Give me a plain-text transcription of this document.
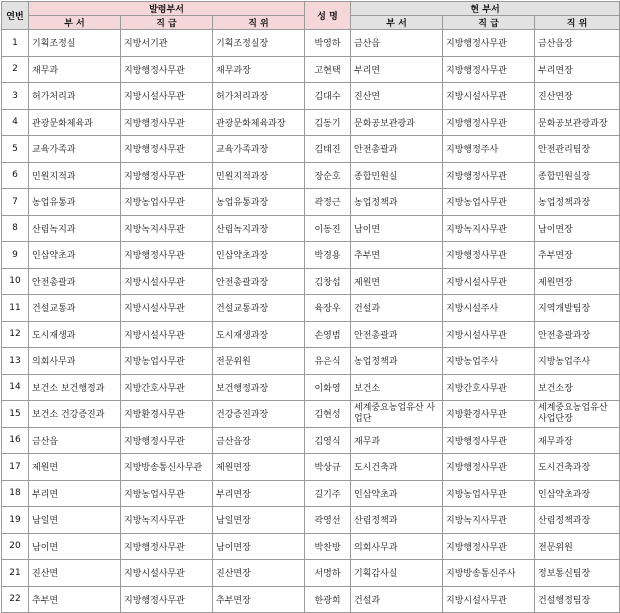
연번	발령부서			성 명	현 부서		
	부 서	직 급	직 위		부 서	직 급	직 위
1	기획조정실	지방서기관	기획조정실장	박영하	금산읍	지방행정사무관	금산읍장
2	재무과	지방행정사무관	재무과장	고현택	부리면	지방행정사무관	부리면장
3	허가처리과	지방시설사무관	허가처리과장	김대수	진산면	지방시설사무관	진산면장
4	관광문화체육과	지방행정사무관	관광문화체육과장	김동기	문화공보관광과	지방행정사무관	문화공보관광과장
5	교육가족과	지방행정사무관	교육가족과장	김태진	안전총괄과	지방행정주사	안전관리팀장
6	민원지적과	지방행정사무관	민원지적과장	장순호	종합민원실	지방행정사무관	종합민원실장
7	농업유통과	지방농업사무관	농업유통과장	곽정근	농업정책과	지방농업사무관	농업정책과장
8	산림녹지과	지방녹지사무관	산림녹지과장	이동진	남이면	지방녹지사무관	남이면장
9	인삼약초과	지방행정사무관	인삼약초과장	박경용	추부면	지방행정사무관	추부면장
10	안전총괄과	지방시설사무관	안전총괄과장	김창섭	제원면	지방시설사무관	제원면장
11	건설교통과	지방시설사무관	건설교통과장	육장우	건설과	지방시설주사	지역개발팀장
12	도시재생과	지방시설사무관	도시재생과장	손영범	안전총괄과	지방시설사무관	안전총괄과장
13	의회사무과	지방농업사무관	전문위원	유은식	농업정책과	지방농업주사	지방농업주사
14	보건소 보건행정과	지방간호사무관	보건행정과장	이화영	보건소	지방간호사무관	보건소장
15	보건소 건강증진과	지방환경사무관	건강증진과장	김현성	세계중요농업유산 사업단	지방환경사무관	세계중요농업유산 사업단장
16	금산읍	지방행정사무관	금산읍장	김영식	재무과	지방행정사무관	재무과장
17	제원면	지방방송통신사무관	제원면장	박상규	도시건축과	지방행정사무관	도시건축과장
18	부리면	지방농업사무관	부리면장	길기주	인삼약초과	지방농업사무관	인삼약초과장
19	남일면	지방녹지사무관	남일면장	곽영선	산림정책과	지방녹지사무관	산림정책과장
20	남이면	지방행정사무관	남이면장	박찬방	의회사무과	지방행정사무관	전문위원
21	진산면	지방시설사무관	진산면장	서명하	기획감사실	지방방송통신주사	정보통신팀장
22	추부면	지방행정사무관	추부면장	한광희	건설과	지방시설사무관	건설행정팀장
